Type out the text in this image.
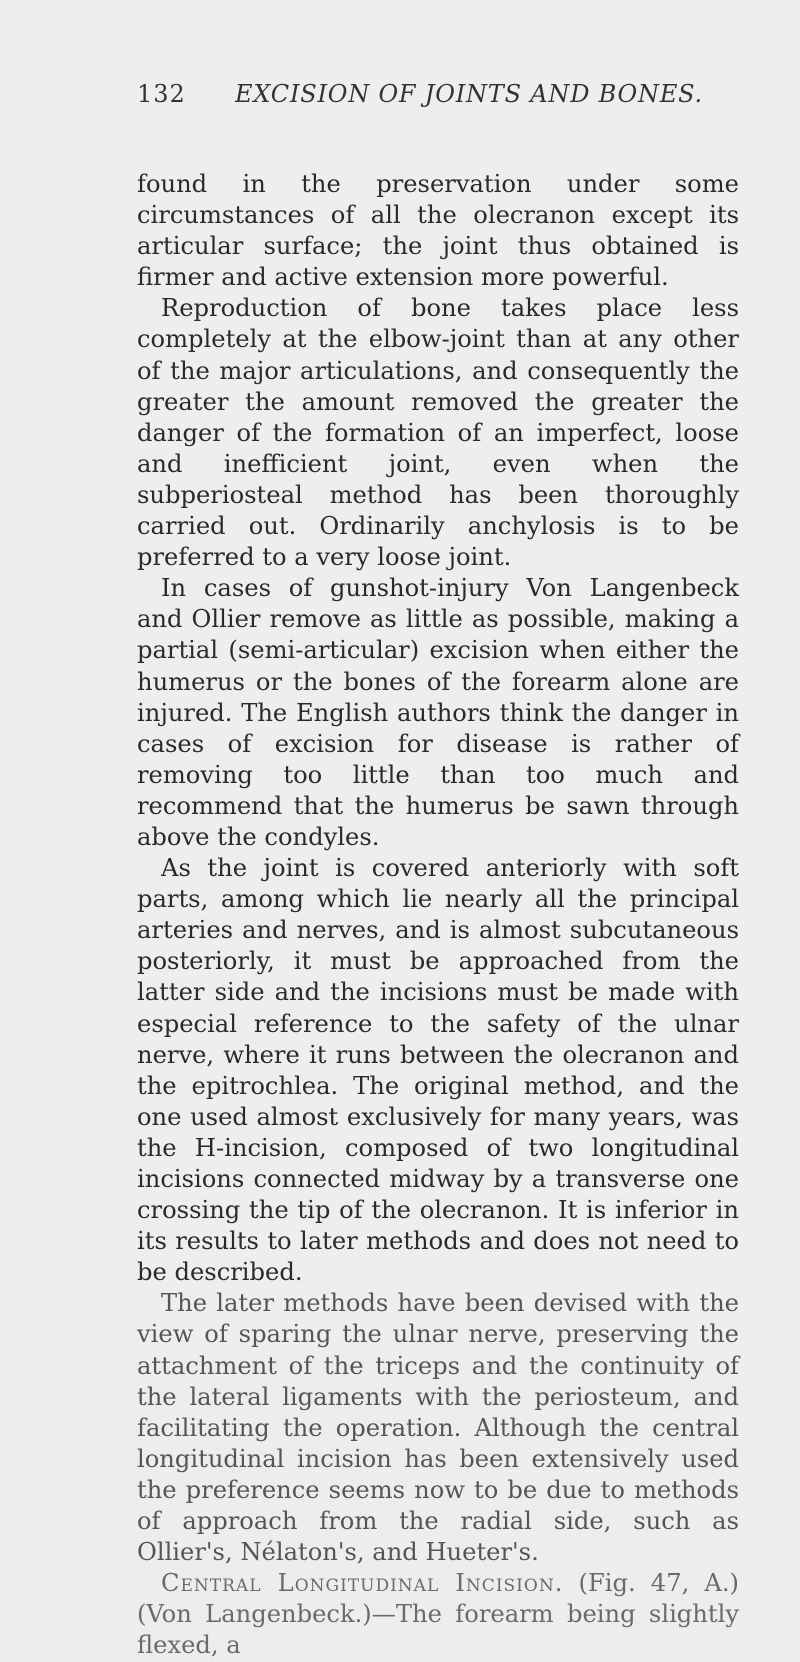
132 EXCISION OF JOINTS AND BONES.

found in the preservation under some circumstances of all the olecranon except its articular surface; the joint thus obtained is firmer and active extension more powerful.

Reproduction of bone takes place less completely at the elbow-joint than at any other of the major articulations, and consequently the greater the amount removed the greater the danger of the formation of an imperfect, loose and inefficient joint, even when the subperiosteal method has been thoroughly carried out. Ordinarily anchylosis is to be preferred to a very loose joint.

In cases of gunshot-injury Von Langenbeck and Ollier remove as little as possible, making a partial (semi-articular) excision when either the humerus or the bones of the forearm alone are injured. The English authors think the danger in cases of excision for disease is rather of removing too little than too much and recommend that the humerus be sawn through above the condyles.

As the joint is covered anteriorly with soft parts, among which lie nearly all the principal arteries and nerves, and is almost subcutaneous posteriorly, it must be approached from the latter side and the incisions must be made with especial reference to the safety of the ulnar nerve, where it runs between the olecranon and the epitrochlea. The original method, and the one used almost exclusively for many years, was the H-incision, composed of two longitudinal incisions connected midway by a transverse one crossing the tip of the olecranon. It is inferior in its results to later methods and does not need to be described.

The later methods have been devised with the view of sparing the ulnar nerve, preserving the attachment of the triceps and the continuity of the lateral ligaments with the periosteum, and facilitating the operation. Although the central longitudinal incision has been extensively used the preference seems now to be due to methods of approach from the radial side, such as Ollier's, Nélaton's, and Hueter's.

Central Longitudinal Incision. (Fig. 47, A.) (Von Langenbeck.)—The forearm being slightly flexed, a
